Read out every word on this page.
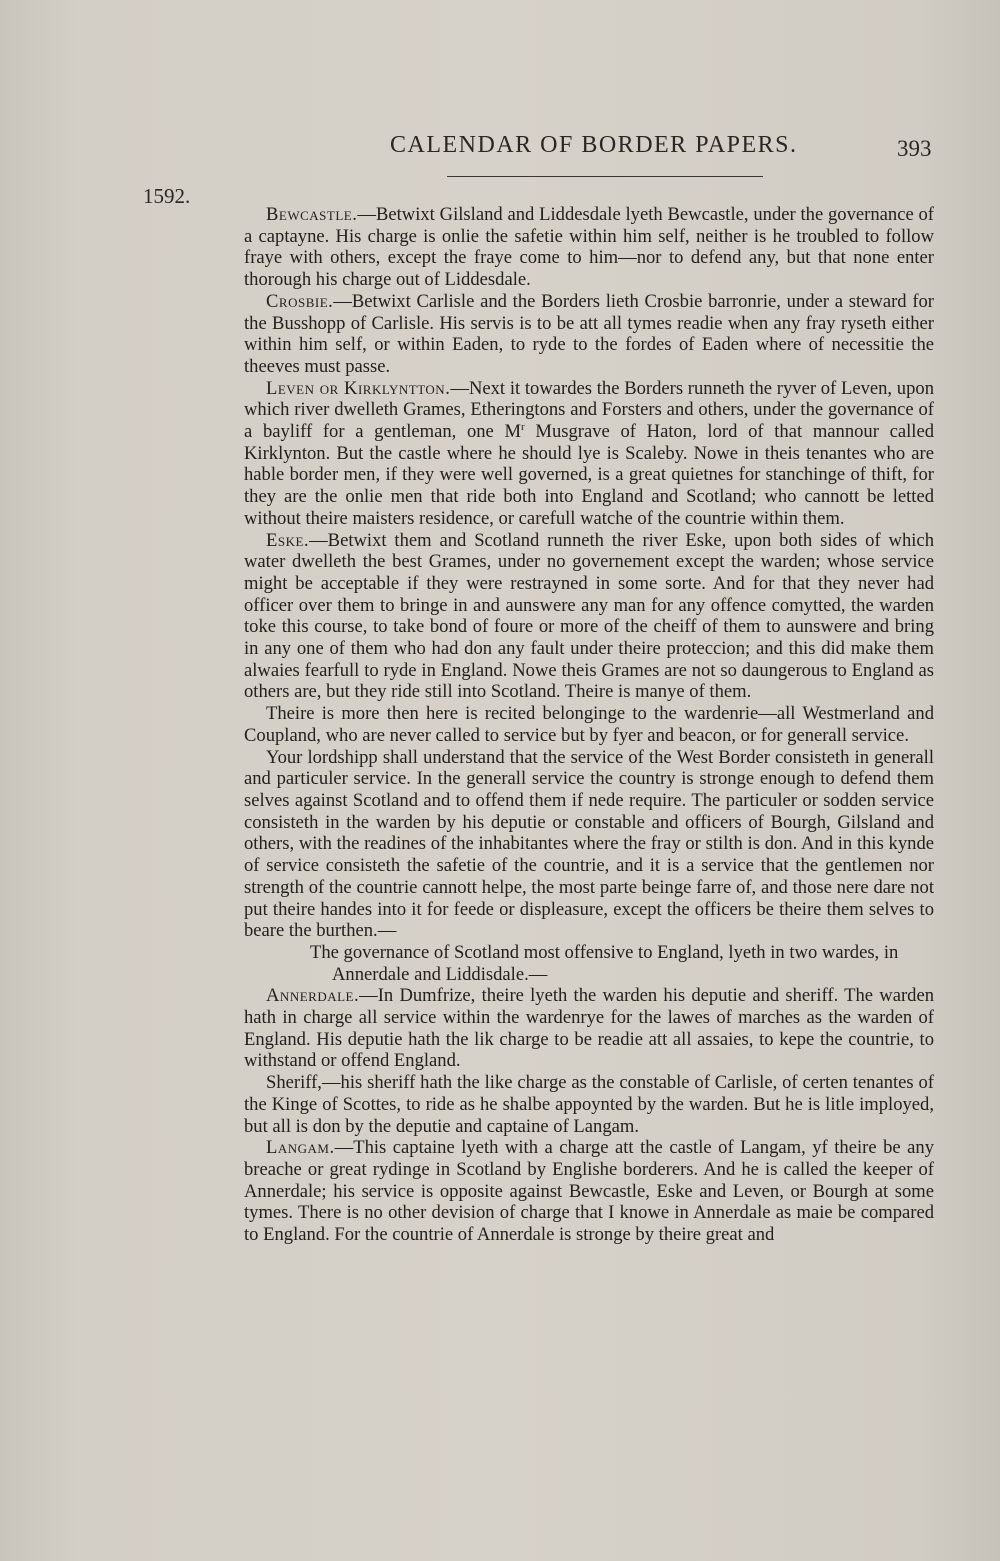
CALENDAR OF BORDER PAPERS.	393
1592.

Bewcastle.—Betwixt Gilsland and Liddesdale lyeth Bewcastle, under the governance of a captayne. His charge is onlie the safetie within him self, neither is he troubled to follow fraye with others, except the fraye come to him—nor to defend any, but that none enter thorough his charge out of Liddesdale.

Crosbie.—Betwixt Carlisle and the Borders lieth Crosbie barronrie, under a steward for the Busshopp of Carlisle. His servis is to be att all tymes readie when any fray ryseth either within him self, or within Eaden, to ryde to the fordes of Eaden where of necessitie the theeves must passe.

Leven or Kirklyntton.—Next it towardes the Borders runneth the ryver of Leven, upon which river dwelleth Grames, Etheringtons and Forsters and others, under the governance of a bayliff for a gentleman, one $M^r$ Musgrave of Haton, lord of that mannour called Kirklynton. But the castle where he should lye is Scaleby. Nowe in theis tenantes who are hable border men, if they were well governed, is a great quietnes for stanchinge of thift, for they are the onlie men that ride both into England and Scotland; who cannott be letted without theire maisters residence, or carefull watche of the countrie within them.

Eske.—Betwixt them and Scotland runneth the river Eske, upon both sides of which water dwelleth the best Grames, under no governement except the warden; whose service might be acceptable if they were restrayned in some sorte. And for that they never had officer over them to bringe in and aunswere any man for any offence comytted, the warden toke this course, to take bond of foure or more of the cheiff of them to aunswere and bring in any one of them who had don any fault under theire proteccion; and this did make them alwaies fearfull to ryde in England. Nowe theis Grames are not so daungerous to England as others are, but they ride still into Scotland. Theire is manye of them.

Theire is more then here is recited belonginge to the wardenrie—all Westmerland and Coupland, who are never called to service but by fyer and beacon, or for generall service.

Your lordshipp shall understand that the service of the West Border consisteth in generall and particuler service. In the generall service the country is stronge enough to defend them selves against Scotland and to offend them if nede require. The particuler or sodden service consisteth in the warden by his deputie or constable and officers of Bourgh, Gilsland and others, with the readines of the inhabitantes where the fray or stilth is don. And in this kynde of service consisteth the safetie of the countrie, and it is a service that the gentlemen nor strength of the countrie cannott helpe, the most parte beinge farre of, and those nere dare not put theire handes into it for feede or displeasure, except the officers be theire them selves to beare the burthen.—

The governance of Scotland most offensive to England, lyeth in two wardes, in Annerdale and Liddisdale.—

Annerdale.—In Dumfrize, theire lyeth the warden his deputie and sheriff. The warden hath in charge all service within the wardenrye for the lawes of marches as the warden of England. His deputie hath the lik charge to be readie att all assaies, to kepe the countrie, to withstand or offend England.

Sheriff,—his sheriff hath the like charge as the constable of Carlisle, of certen tenantes of the Kinge of Scottes, to ride as he shalbe appoynted by the warden. But he is litle imployed, but all is don by the deputie and captaine of Langam.

Langam.—This captaine lyeth with a charge att the castle of Langam, yf theire be any breache or great rydinge in Scotland by Englishe borderers. And he is called the keeper of Annerdale; his service is opposite against Bewcastle, Eske and Leven, or Bourgh at some tymes. There is no other devision of charge that I knowe in Annerdale as maie be compared to England. For the countrie of Annerdale is stronge by theire great and
